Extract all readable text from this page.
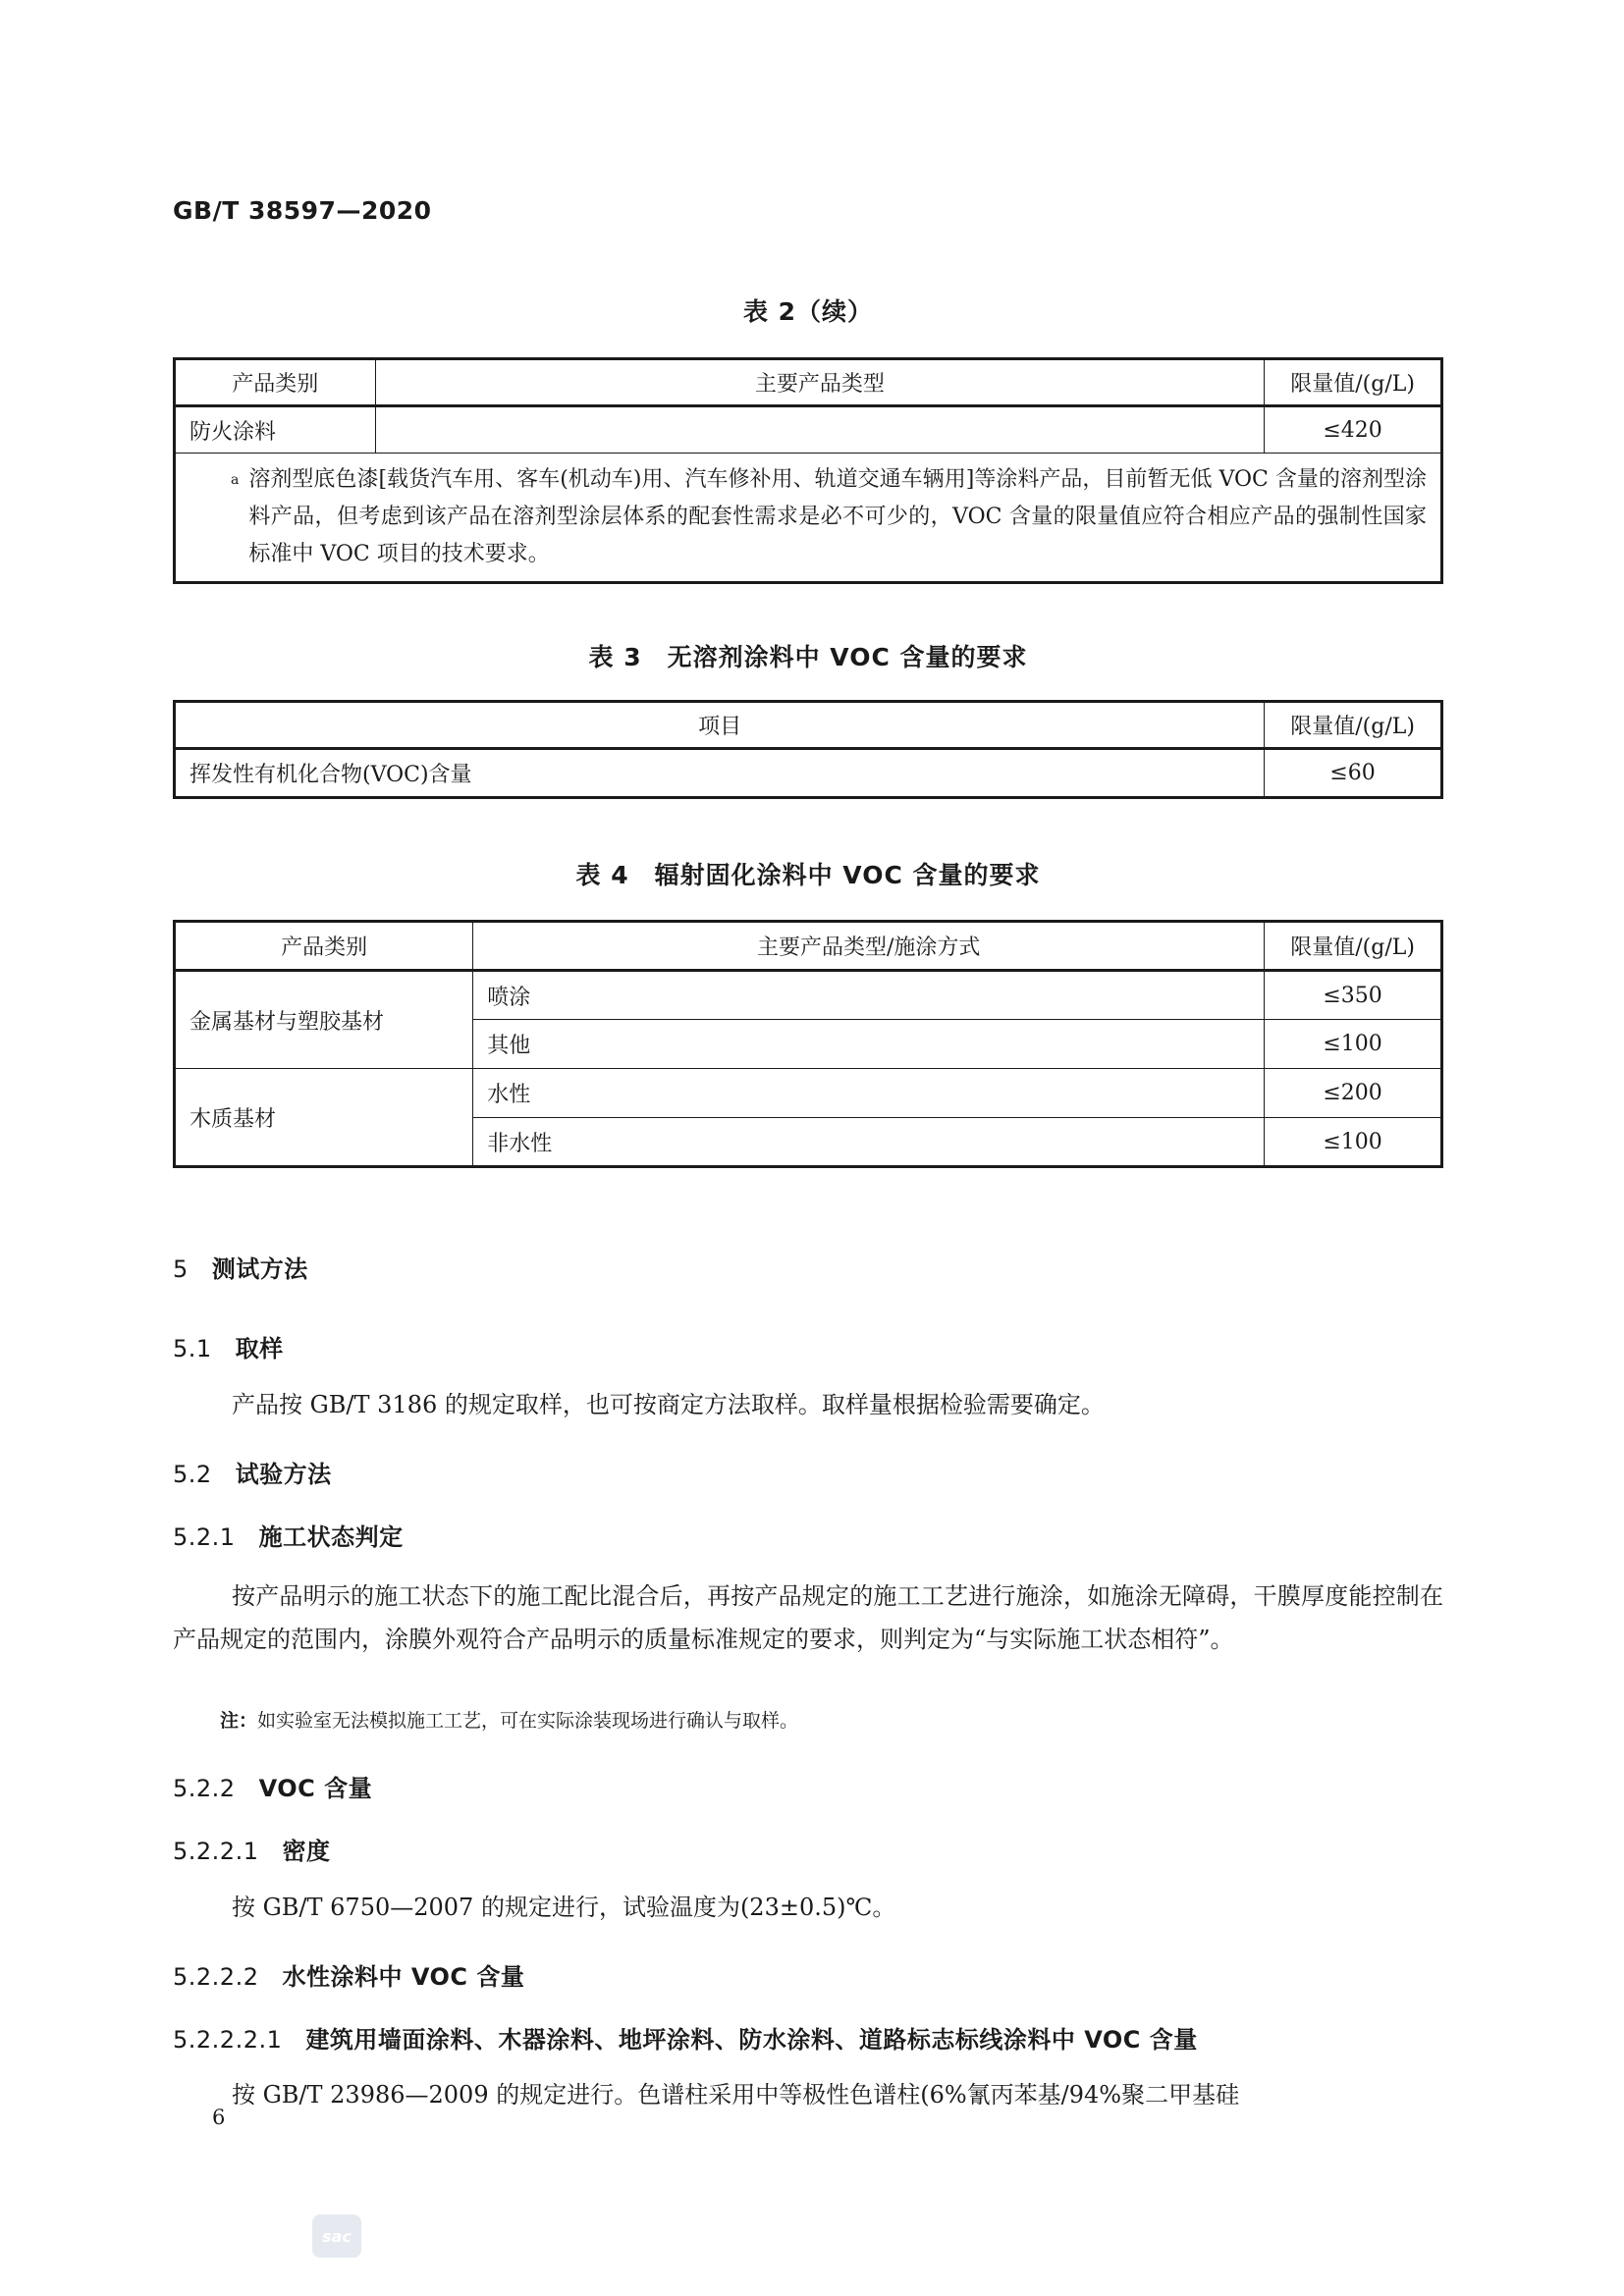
GB/T 38597—2020
表 2（续）
产品类别	主要产品类型	限量值/(g/L)
防火涂料		≤420

a 溶剂型底色漆[载货汽车用、客车(机动车)用、汽车修补用、轨道交通车辆用]等涂料产品，目前暂无低 VOC 含量的溶剂型涂料产品，但考虑到该产品在溶剂型涂层体系的配套性需求是必不可少的，VOC 含量的限量值应符合相应产品的强制性国家标准中 VOC 项目的技术要求。		
表 3　无溶剂涂料中 VOC 含量的要求
项目	限量值/(g/L)
挥发性有机化合物(VOC)含量	≤60
表 4　辐射固化涂料中 VOC 含量的要求
产品类别	主要产品类型/施涂方式	限量值/(g/L)
金属基材与塑胶基材	喷涂	≤350
	其他	≤100
木质基材	水性	≤200
	非水性	≤100
5 测试方法
5.1 取样

产品按 GB/T 3186 的规定取样，也可按商定方法取样。取样量根据检验需要确定。

5.2 试验方法
5.2.1 施工状态判定

按产品明示的施工状态下的施工配比混合后，再按产品规定的施工工艺进行施涂，如施涂无障碍，干膜厚度能控制在产品规定的范围内，涂膜外观符合产品明示的质量标准规定的要求，则判定为“与实际施工状态相符”。

注：如实验室无法模拟施工工艺，可在实际涂装现场进行确认与取样。
5.2.2 VOC 含量
5.2.2.1 密度

按 GB/T 6750—2007 的规定进行，试验温度为(23±0.5)℃。

5.2.2.2 水性涂料中 VOC 含量
5.2.2.2.1 建筑用墙面涂料、木器涂料、地坪涂料、防水涂料、道路标志标线涂料中 VOC 含量

按 GB/T 23986—2009 的规定进行。色谱柱采用中等极性色谱柱(6%氰丙苯基/94%聚二甲基硅

6
sac
